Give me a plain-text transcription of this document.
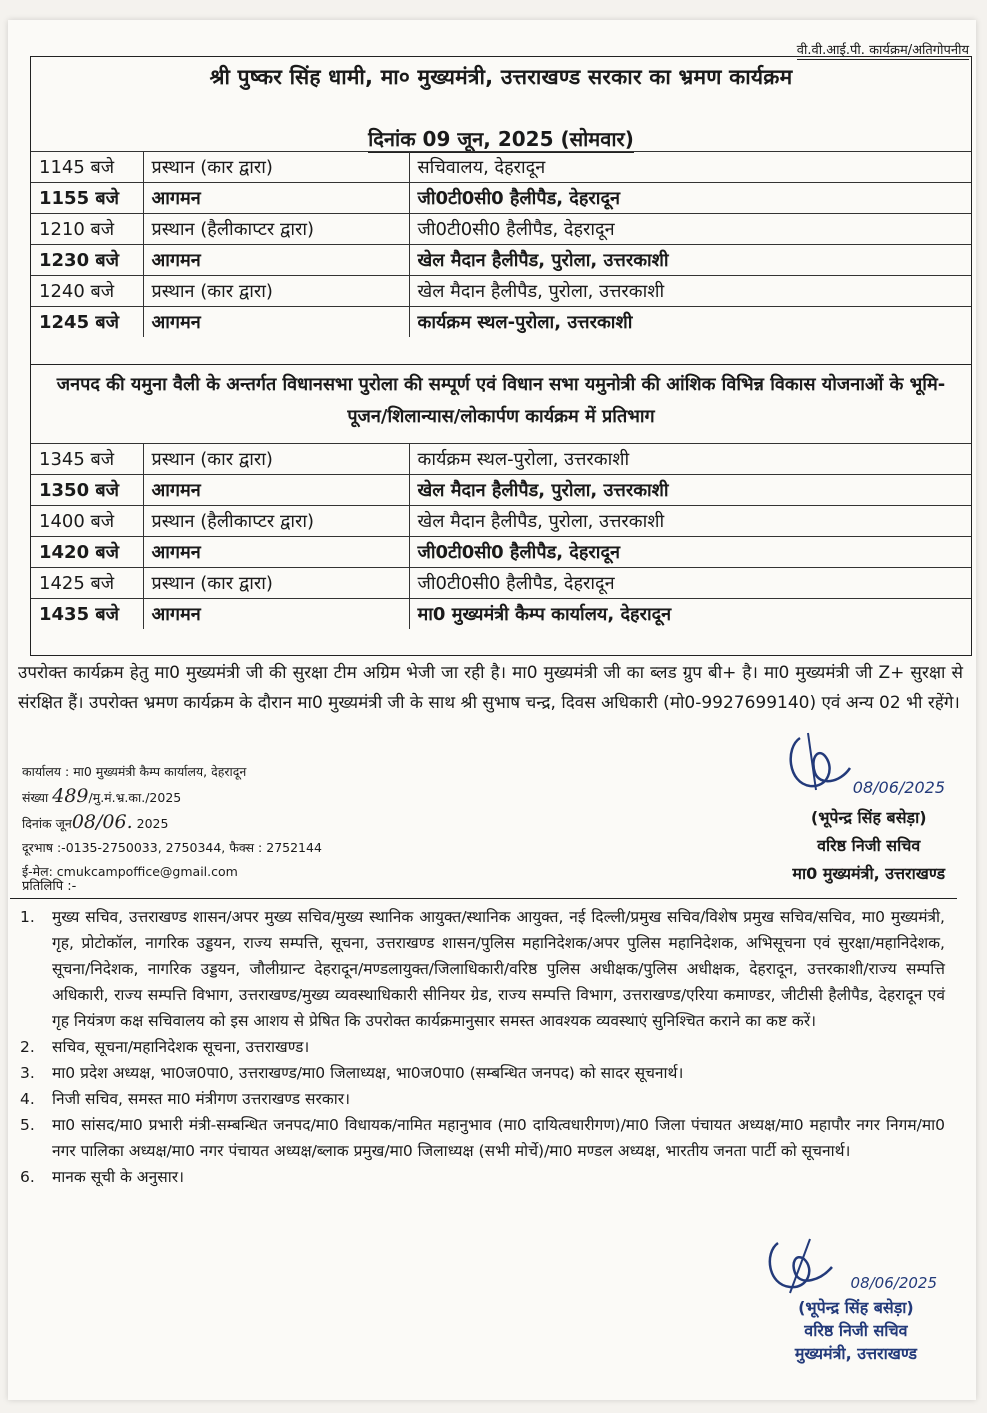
वी.वी.आई.पी. कार्यक्रम/अतिगोपनीय
श्री पुष्कर सिंह धामी, मा० मुख्यमंत्री, उत्तराखण्ड सरकार का भ्रमण कार्यक्रम
दिनांक 09 जून, 2025 (सोमवार)
1145 बजे	प्रस्थान (कार द्वारा)	सचिवालय, देहरादून
1155 बजे	आगमन	जी0टी0सी0 हैलीपैड, देहरादून
1210 बजे	प्रस्थान (हैलीकाप्टर द्वारा)	जी0टी0सी0 हैलीपैड, देहरादून
1230 बजे	आगमन	खेल मैदान हैलीपैड, पुरोला, उत्तरकाशी
1240 बजे	प्रस्थान (कार द्वारा)	खेल मैदान हैलीपैड, पुरोला, उत्तरकाशी
1245 बजे	आगमन	कार्यक्रम स्थल-पुरोला, उत्तरकाशी
जनपद की यमुना वैली के अन्तर्गत विधानसभा पुरोला की सम्पूर्ण एवं विधान सभा यमुनोत्री की आंशिक विभिन्न विकास योजनाओं के भूमि-पूजन/शिलान्यास/लोकार्पण कार्यक्रम में प्रतिभाग
1345 बजे	प्रस्थान (कार द्वारा)	कार्यक्रम स्थल-पुरोला, उत्तरकाशी
1350 बजे	आगमन	खेल मैदान हैलीपैड, पुरोला, उत्तरकाशी
1400 बजे	प्रस्थान (हैलीकाप्टर द्वारा)	खेल मैदान हैलीपैड, पुरोला, उत्तरकाशी
1420 बजे	आगमन	जी0टी0सी0 हैलीपैड, देहरादून
1425 बजे	प्रस्थान (कार द्वारा)	जी0टी0सी0 हैलीपैड, देहरादून
1435 बजे	आगमन	मा0 मुख्यमंत्री कैम्प कार्यालय, देहरादून
उपरोक्त कार्यक्रम हेतु मा0 मुख्यमंत्री जी की सुरक्षा टीम अग्रिम भेजी जा रही है। मा0 मुख्यमंत्री जी का ब्लड ग्रुप बी+ है। मा0 मुख्यमंत्री जी Z+ सुरक्षा से संरक्षित हैं। उपरोक्त भ्रमण कार्यक्रम के दौरान मा0 मुख्यमंत्री जी के साथ श्री सुभाष चन्द्र, दिवस अधिकारी (मो0-9927699140) एवं अन्य 02 भी रहेंगे।
कार्यालय : मा0 मुख्यमंत्री कैम्प कार्यालय, देहरादून
संख्या 489/मु.मं.भ्र.का./2025
दिनांक जून08/06. 2025
दूरभाष :-0135-2750033, 2750344, फैक्स : 2752144
ई-मेल: cmukcampoffice@gmail.com
08/06/2025
(भूपेन्द्र सिंह बसेड़ा)
वरिष्ठ निजी सचिव
मा0 मुख्यमंत्री, उत्तराखण्ड
प्रतिलिपि :-
1.	मुख्य सचिव, उत्तराखण्ड शासन/अपर मुख्य सचिव/मुख्य स्थानिक आयुक्त/स्थानिक आयुक्त, नई दिल्ली/प्रमुख सचिव/विशेष प्रमुख सचिव/सचिव, मा0 मुख्यमंत्री, गृह, प्रोटोकॉल, नागरिक उड्डयन, राज्य सम्पत्ति, सूचना, उत्तराखण्ड शासन/पुलिस महानिदेशक/अपर पुलिस महानिदेशक, अभिसूचना एवं सुरक्षा/महानिदेशक, सूचना/निदेशक, नागरिक उड्डयन, जौलीग्रान्ट देहरादून/मण्डलायुक्त/जिलाधिकारी/वरिष्ठ पुलिस अधीक्षक/पुलिस अधीक्षक, देहरादून, उत्तरकाशी/राज्य सम्पत्ति अधिकारी, राज्य सम्पत्ति विभाग, उत्तराखण्ड/मुख्य व्यवस्थाधिकारी सीनियर ग्रेड, राज्य सम्पत्ति विभाग, उत्तराखण्ड/एरिया कमाण्डर, जीटीसी हैलीपैड, देहरादून एवं गृह नियंत्रण कक्ष सचिवालय को इस आशय से प्रेषित कि उपरोक्त कार्यक्रमानुसार समस्त आवश्यक व्यवस्थाएं सुनिश्चित कराने का कष्ट करें।
2.	सचिव, सूचना/महानिदेशक सूचना, उत्तराखण्ड।
3.	मा0 प्रदेश अध्यक्ष, भा0ज0पा0, उत्तराखण्ड/मा0 जिलाध्यक्ष, भा0ज0पा0 (सम्बन्धित जनपद) को सादर सूचनार्थ।
4.	निजी सचिव, समस्त मा0 मंत्रीगण उत्तराखण्ड सरकार।
5.	मा0 सांसद/मा0 प्रभारी मंत्री-सम्बन्धित जनपद/मा0 विधायक/नामित महानुभाव (मा0 दायित्वधारीगण)/मा0 जिला पंचायत अध्यक्ष/मा0 महापौर नगर निगम/मा0 नगर पालिका अध्यक्ष/मा0 नगर पंचायत अध्यक्ष/ब्लाक प्रमुख/मा0 जिलाध्यक्ष (सभी मोर्चे)/मा0 मण्डल अध्यक्ष, भारतीय जनता पार्टी को सूचनार्थ।
6.	मानक सूची के अनुसार।
08/06/2025
(भूपेन्द्र सिंह बसेड़ा)
वरिष्ठ निजी सचिव
मुख्यमंत्री, उत्तराखण्ड
